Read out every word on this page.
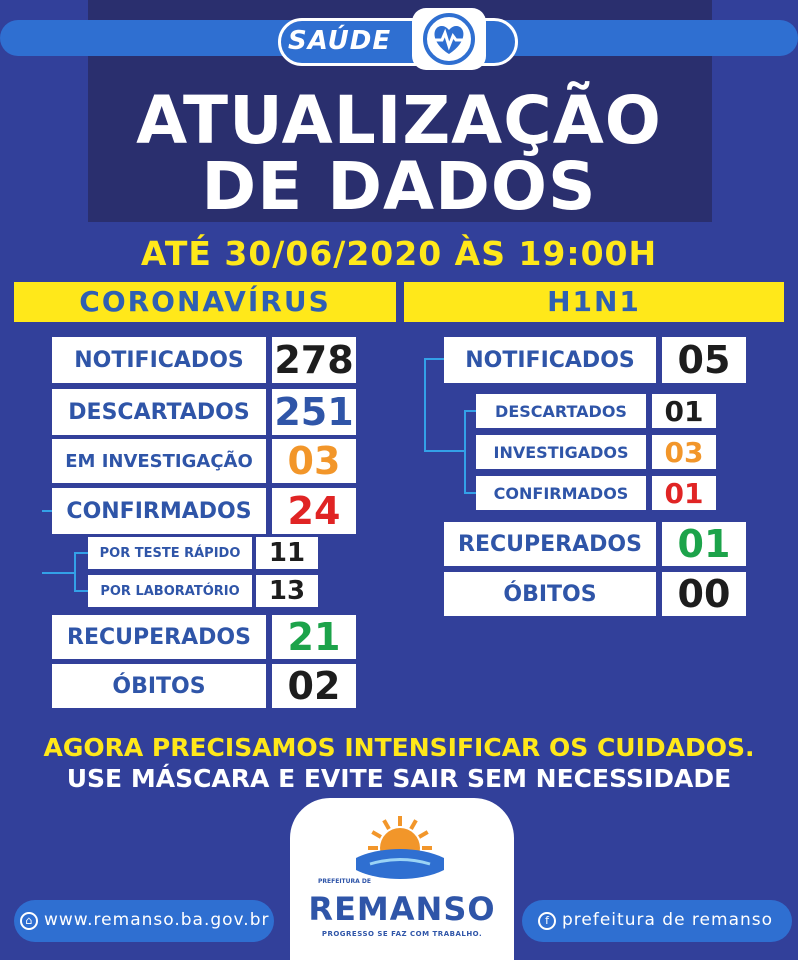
SAÚDE
ATUALIZAÇÃO
DE DADOS
ATÉ 30/06/2020 ÀS 19:00H
CORONAVÍRUS	H1N1
NOTIFICADOS 278
DESCARTADOS 251
EM INVESTIGAÇÃO 03
CONFIRMADOS 24
POR TESTE RÁPIDO	11
POR LABORATÓRIO	13
RECUPERADOS 21
ÓBITOS	02
NOTIFICADOS	05
DESCARTADOS	01
INVESTIGADOS	03
CONFIRMADOS	01
RECUPERADOS 01
ÓBITOS	00
AGORA PRECISAMOS INTENSIFICAR OS CUIDADOS.
USE MÁSCARA E EVITE SAIR SEM NECESSIDADE
⌂ www.remanso.ba.gov.br	f prefeitura de remanso
PREFEITURA DE
REMANSO
PROGRESSO SE FAZ COM TRABALHO.
